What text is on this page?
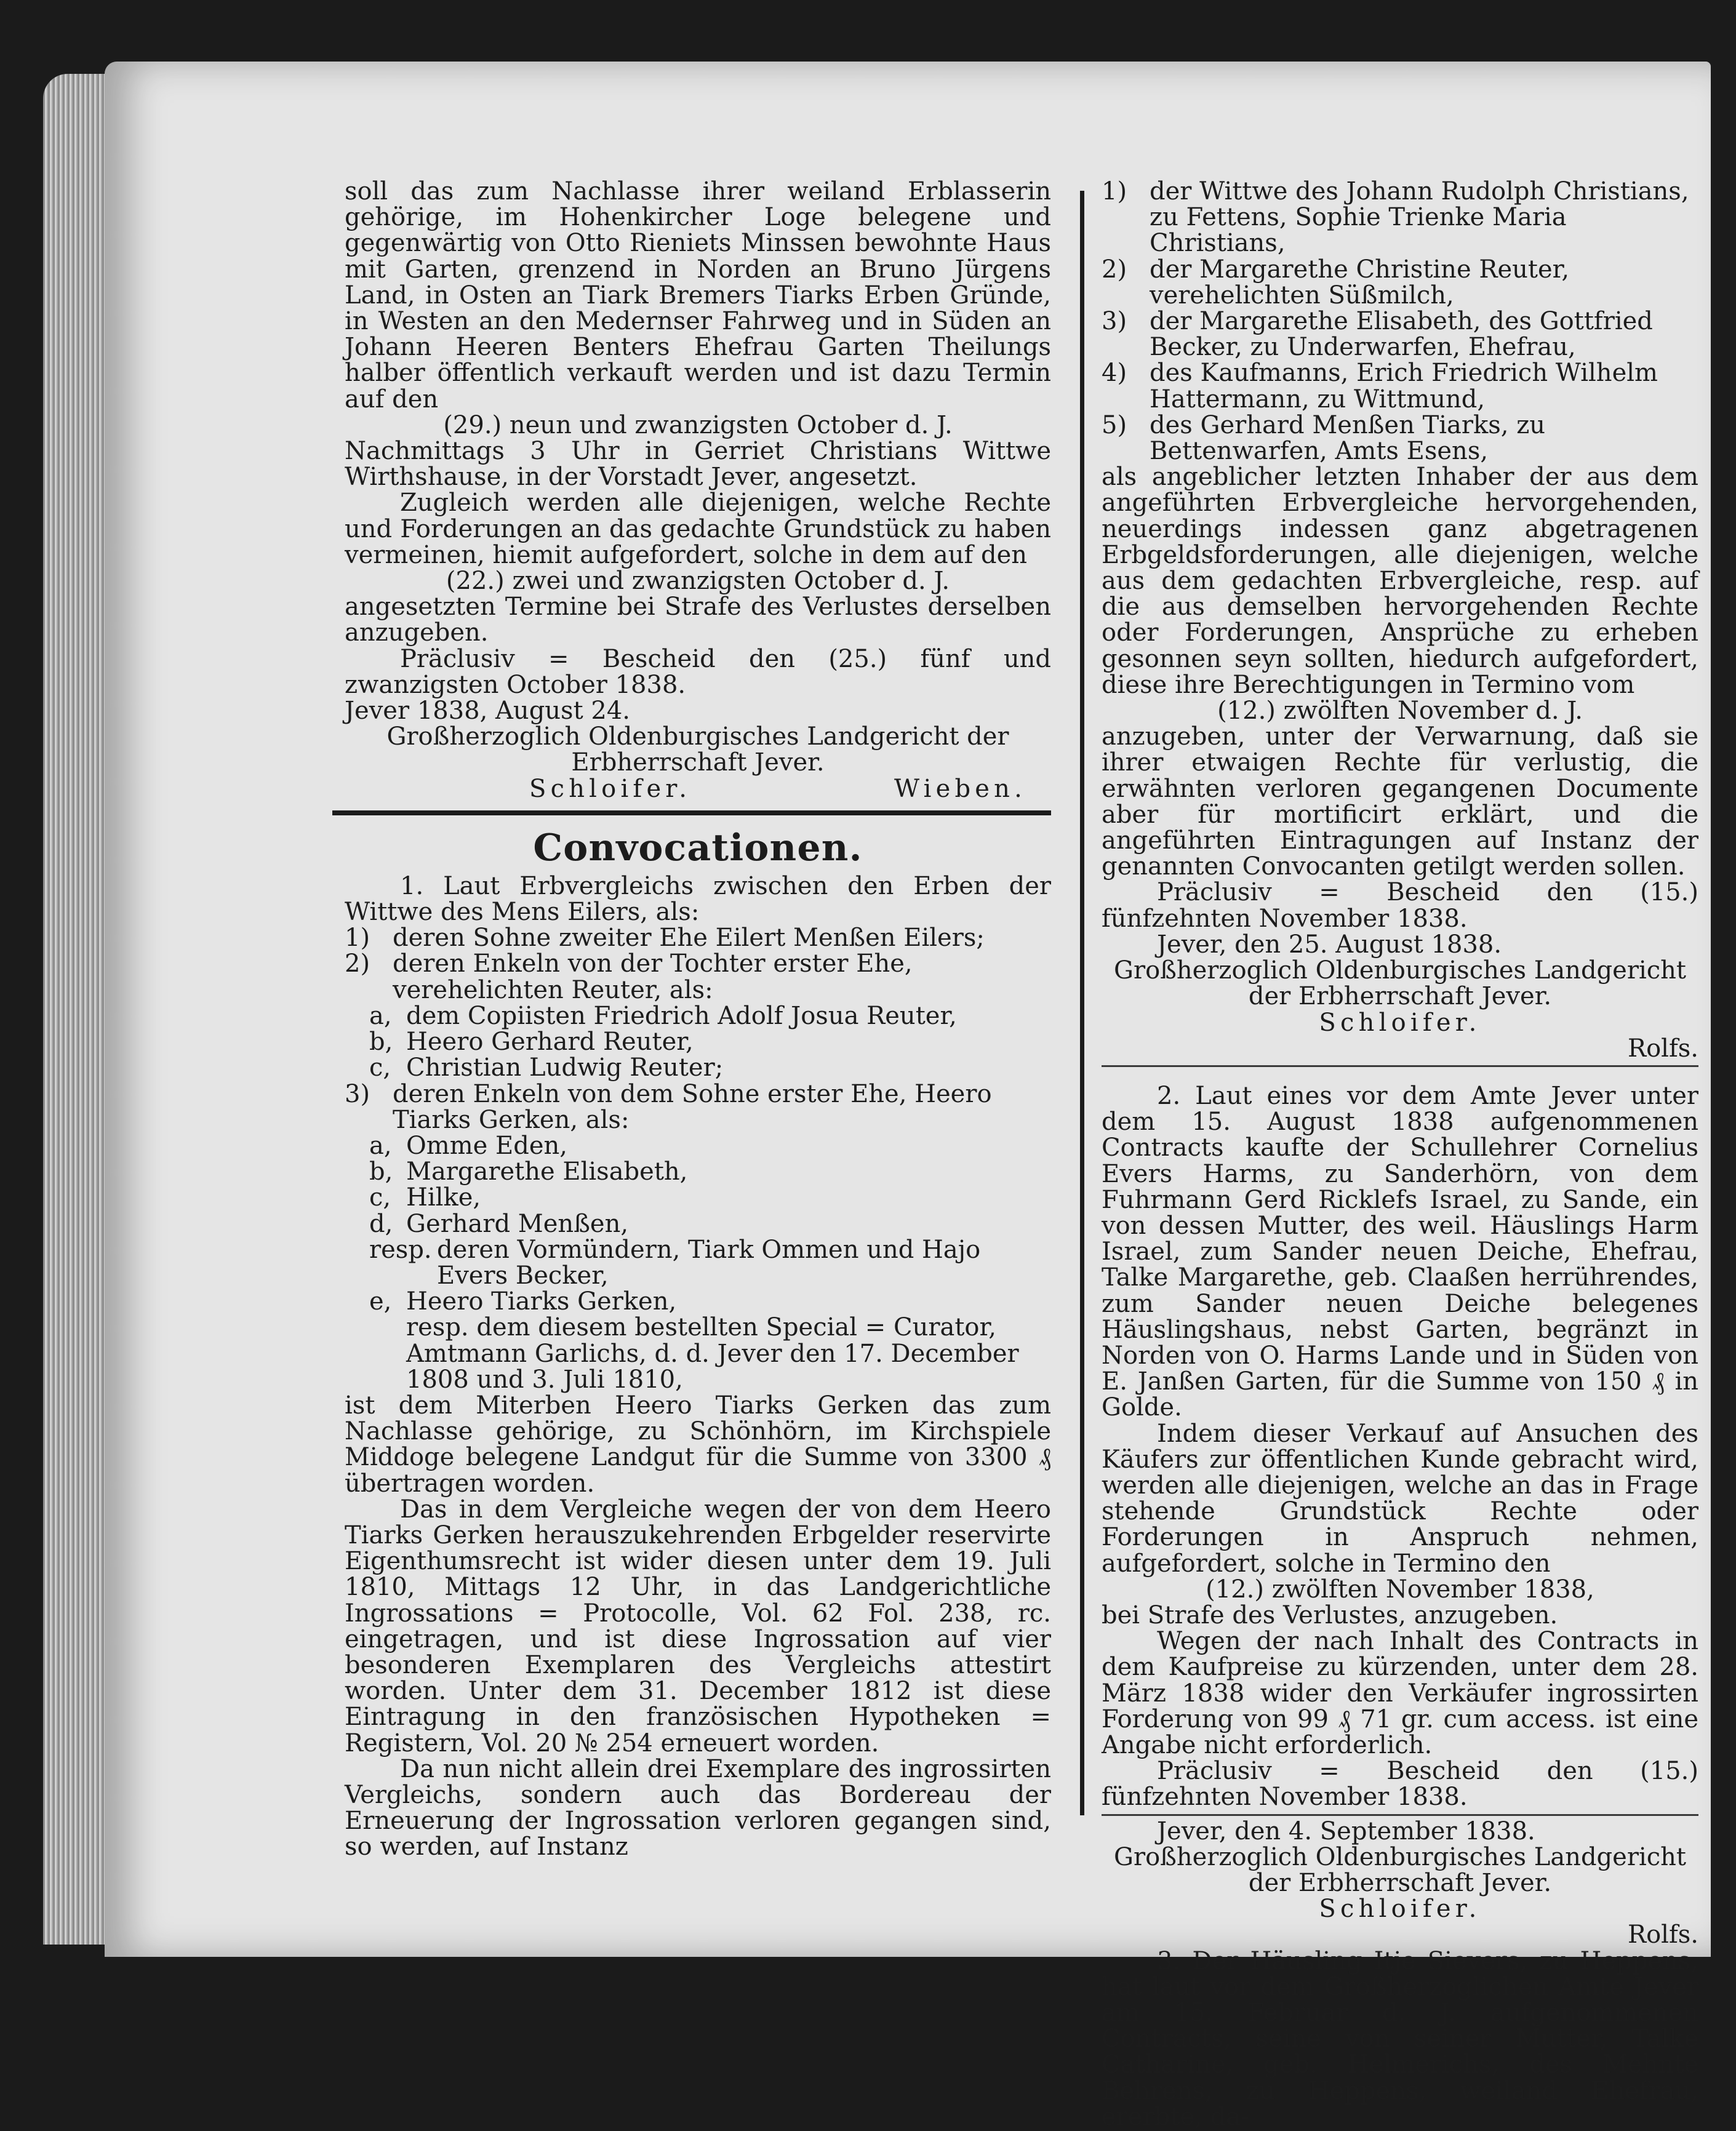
soll das zum Nachlasse ihrer weiland Erblasserin gehörige, im Hohenkircher Loge belegene und gegenwärtig von Otto Rieniets Minssen bewohnte Haus mit Garten, grenzend in Norden an Bruno Jürgens Land, in Osten an Tiark Bremers Tiarks Erben Gründe, in Westen an den Medernser Fahrweg und in Süden an Johann Heeren Benters Ehefrau Garten Theilungs halber öffentlich verkauft werden und ist dazu Termin auf den

(29.) neun und zwanzigsten October d. J.

Nachmittags 3 Uhr in Gerriet Christians Wittwe Wirthshause, in der Vorstadt Jever, angesetzt.

Zugleich werden alle diejenigen, welche Rechte und Forderungen an das gedachte Grundstück zu haben vermeinen, hiemit aufgefordert, solche in dem auf den

(22.) zwei und zwanzigsten October d. J.

angesetzten Termine bei Strafe des Verlustes derselben anzugeben.

Präclusiv = Bescheid den (25.) fünf und zwanzigsten October 1838.

Jever 1838, August 24.

Großherzoglich Oldenburgisches Landgericht der Erbherrschaft Jever.

Schloifer.	Wieben.
Convocationen.

1. Laut Erbvergleichs zwischen den Erben der Wittwe des Mens Eilers, als:

1) deren Sohne zweiter Ehe Eilert Menßen Eilers;
2) deren Enkeln von der Tochter erster Ehe, verehelichten Reuter, als:
a, dem Copiisten Friedrich Adolf Josua Reuter,
b, Heero Gerhard Reuter,
c, Christian Ludwig Reuter;
3) deren Enkeln von dem Sohne erster Ehe, Heero Tiarks Gerken, als:
a, Omme Eden,
b, Margarethe Elisabeth,
c, Hilke,
d, Gerhard Menßen,
resp. deren Vormündern, Tiark Ommen und Hajo Evers Becker,
e, Heero Tiarks Gerken,
resp. dem diesem bestellten Special = Curator, Amtmann Garlichs, d. d. Jever den 17. December 1808 und 3. Juli 1810,

ist dem Miterben Heero Tiarks Gerken das zum Nachlasse gehörige, zu Schönhörn, im Kirchspiele Middoge belegene Landgut für die Summe von 3300 ₰ übertragen worden.

Das in dem Vergleiche wegen der von dem Heero Tiarks Gerken herauszukehrenden Erbgelder reservirte Eigenthumsrecht ist wider diesen unter dem 19. Juli 1810, Mittags 12 Uhr, in das Landgerichtliche Ingrossations = Protocolle, Vol. 62 Fol. 238, rc. eingetragen, und ist diese Ingrossation auf vier besonderen Exemplaren des Vergleichs attestirt worden. Unter dem 31. December 1812 ist diese Eintragung in den französischen Hypotheken = Registern, Vol. 20 № 254 erneuert worden.

Da nun nicht allein drei Exemplare des ingrossirten Vergleichs, sondern auch das Bordereau der Erneuerung der Ingrossation verloren gegangen sind, so werden, auf Instanz

1) der Wittwe des Johann Rudolph Christians, zu Fettens, Sophie Trienke Maria Christians,
2) der Margarethe Christine Reuter, verehelichten Süßmilch,
3) der Margarethe Elisabeth, des Gottfried Becker, zu Underwarfen, Ehefrau,
4) des Kaufmanns, Erich Friedrich Wilhelm Hattermann, zu Wittmund,
5) des Gerhard Menßen Tiarks, zu Bettenwarfen, Amts Esens,

als angeblicher letzten Inhaber der aus dem angeführten Erbvergleiche hervorgehenden, neuerdings indessen ganz abgetragenen Erbgeldsforderungen, alle diejenigen, welche aus dem gedachten Erbvergleiche, resp. auf die aus demselben hervorgehenden Rechte oder Forderungen, Ansprüche zu erheben gesonnen seyn sollten, hiedurch aufgefordert, diese ihre Berechtigungen in Termino vom

(12.) zwölften November d. J.

anzugeben, unter der Verwarnung, daß sie ihrer etwaigen Rechte für verlustig, die erwähnten verloren gegangenen Documente aber für mortificirt erklärt, und die angeführten Eintragungen auf Instanz der genannten Convocanten getilgt werden sollen.

Präclusiv = Bescheid den (15.) fünfzehnten November 1838.

Jever, den 25. August 1838.

Großherzoglich Oldenburgisches Landgericht der Erbherrschaft Jever.

Schloifer.

Rolfs.

2. Laut eines vor dem Amte Jever unter dem 15. August 1838 aufgenommenen Contracts kaufte der Schullehrer Cornelius Evers Harms, zu Sanderhörn, von dem Fuhrmann Gerd Ricklefs Israel, zu Sande, ein von dessen Mutter, des weil. Häuslings Harm Israel, zum Sander neuen Deiche, Ehefrau, Talke Margarethe, geb. Claaßen herrührendes, zum Sander neuen Deiche belegenes Häuslingshaus, nebst Garten, begränzt in Norden von O. Harms Lande und in Süden von E. Janßen Garten, für die Summe von 150 ₰ in Golde.

Indem dieser Verkauf auf Ansuchen des Käufers zur öffentlichen Kunde gebracht wird, werden alle diejenigen, welche an das in Frage stehende Grundstück Rechte oder Forderungen in Anspruch nehmen, aufgefordert, solche in Termino den

(12.) zwölften November 1838,

bei Strafe des Verlustes, anzugeben.

Wegen der nach Inhalt des Contracts in dem Kaufpreise zu kürzenden, unter dem 28. März 1838 wider den Verkäufer ingrossirten Forderung von 99 ₰ 71 gr. cum access. ist eine Angabe nicht erforderlich.

Präclusiv = Bescheid den (15.) fünfzehnten November 1838.

Jever, den 4. September 1838.

Großherzoglich Oldenburgisches Landgericht der Erbherrschaft Jever.

Schloifer.

Rolfs.

3. Der Häusling Itje Sievers, zu Heppens, hat laut vor dem Großherzoglichen Amte Jever am 15. Februar d. J. aufgenommenen Contracts, seine von seiner Mutter, Talke Catharine, geb. Helmerichs, des Mehnte Behrens, zu Heppens, weiland Ehefrau, ererbte, da-
